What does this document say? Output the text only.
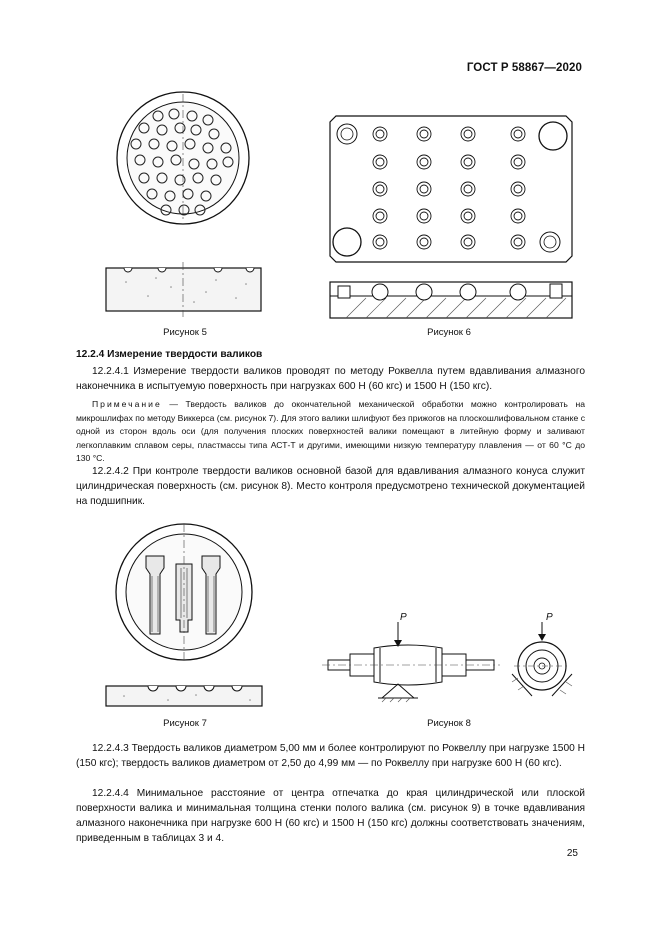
ГОСТ Р 58867—2020
Рисунок 5	Рисунок 6
12.2.4 Измерение твердости валиков

12.2.4.1 Измерение твердости валиков проводят по методу Роквелла путем вдавливания алмазного наконечника в испытуемую поверхность при нагрузках 600 Н (60 кгс) и 1500 Н (150 кгс).

Примечание — Твердость валиков до окончательной механической обработки можно контролировать на микрошлифах по методу Виккерса (см. рисунок 7). Для этого валики шлифуют без прижогов на плоскошлифовальном станке с одной из сторон вдоль оси (для получения плоских поверхностей валики помещают в литейную форму и заливают легкоплавким сплавом серы, пластмассы типа АСТ-Т и другими, имеющими низкую температуру плавления — от 60 °С до 130 °С.

12.2.4.2 При контроле твердости валиков основной базой для вдавливания алмазного конуса служит цилиндрическая поверхность (см. рисунок 8). Место контроля предусмотрено технической документацией на подшипник.

Рисунок 7
P	P
Рисунок 8

12.2.4.3 Твердость валиков диаметром 5,00 мм и более контролируют по Роквеллу при нагрузке 1500 Н (150 кгс); твердость валиков диаметром от 2,50 до 4,99 мм — по Роквеллу при нагрузке 600 Н (60 кгс).

12.2.4.4 Минимальное расстояние от центра отпечатка до края цилиндрической или плоской поверхности валика и минимальная толщина стенки полого валика (см. рисунок 9) в точке вдавливания алмазного наконечника при нагрузке 600 Н (60 кгс) и 1500 Н (150 кгс) должны соответствовать значениям, приведенным в таблицах 3 и 4.

25
